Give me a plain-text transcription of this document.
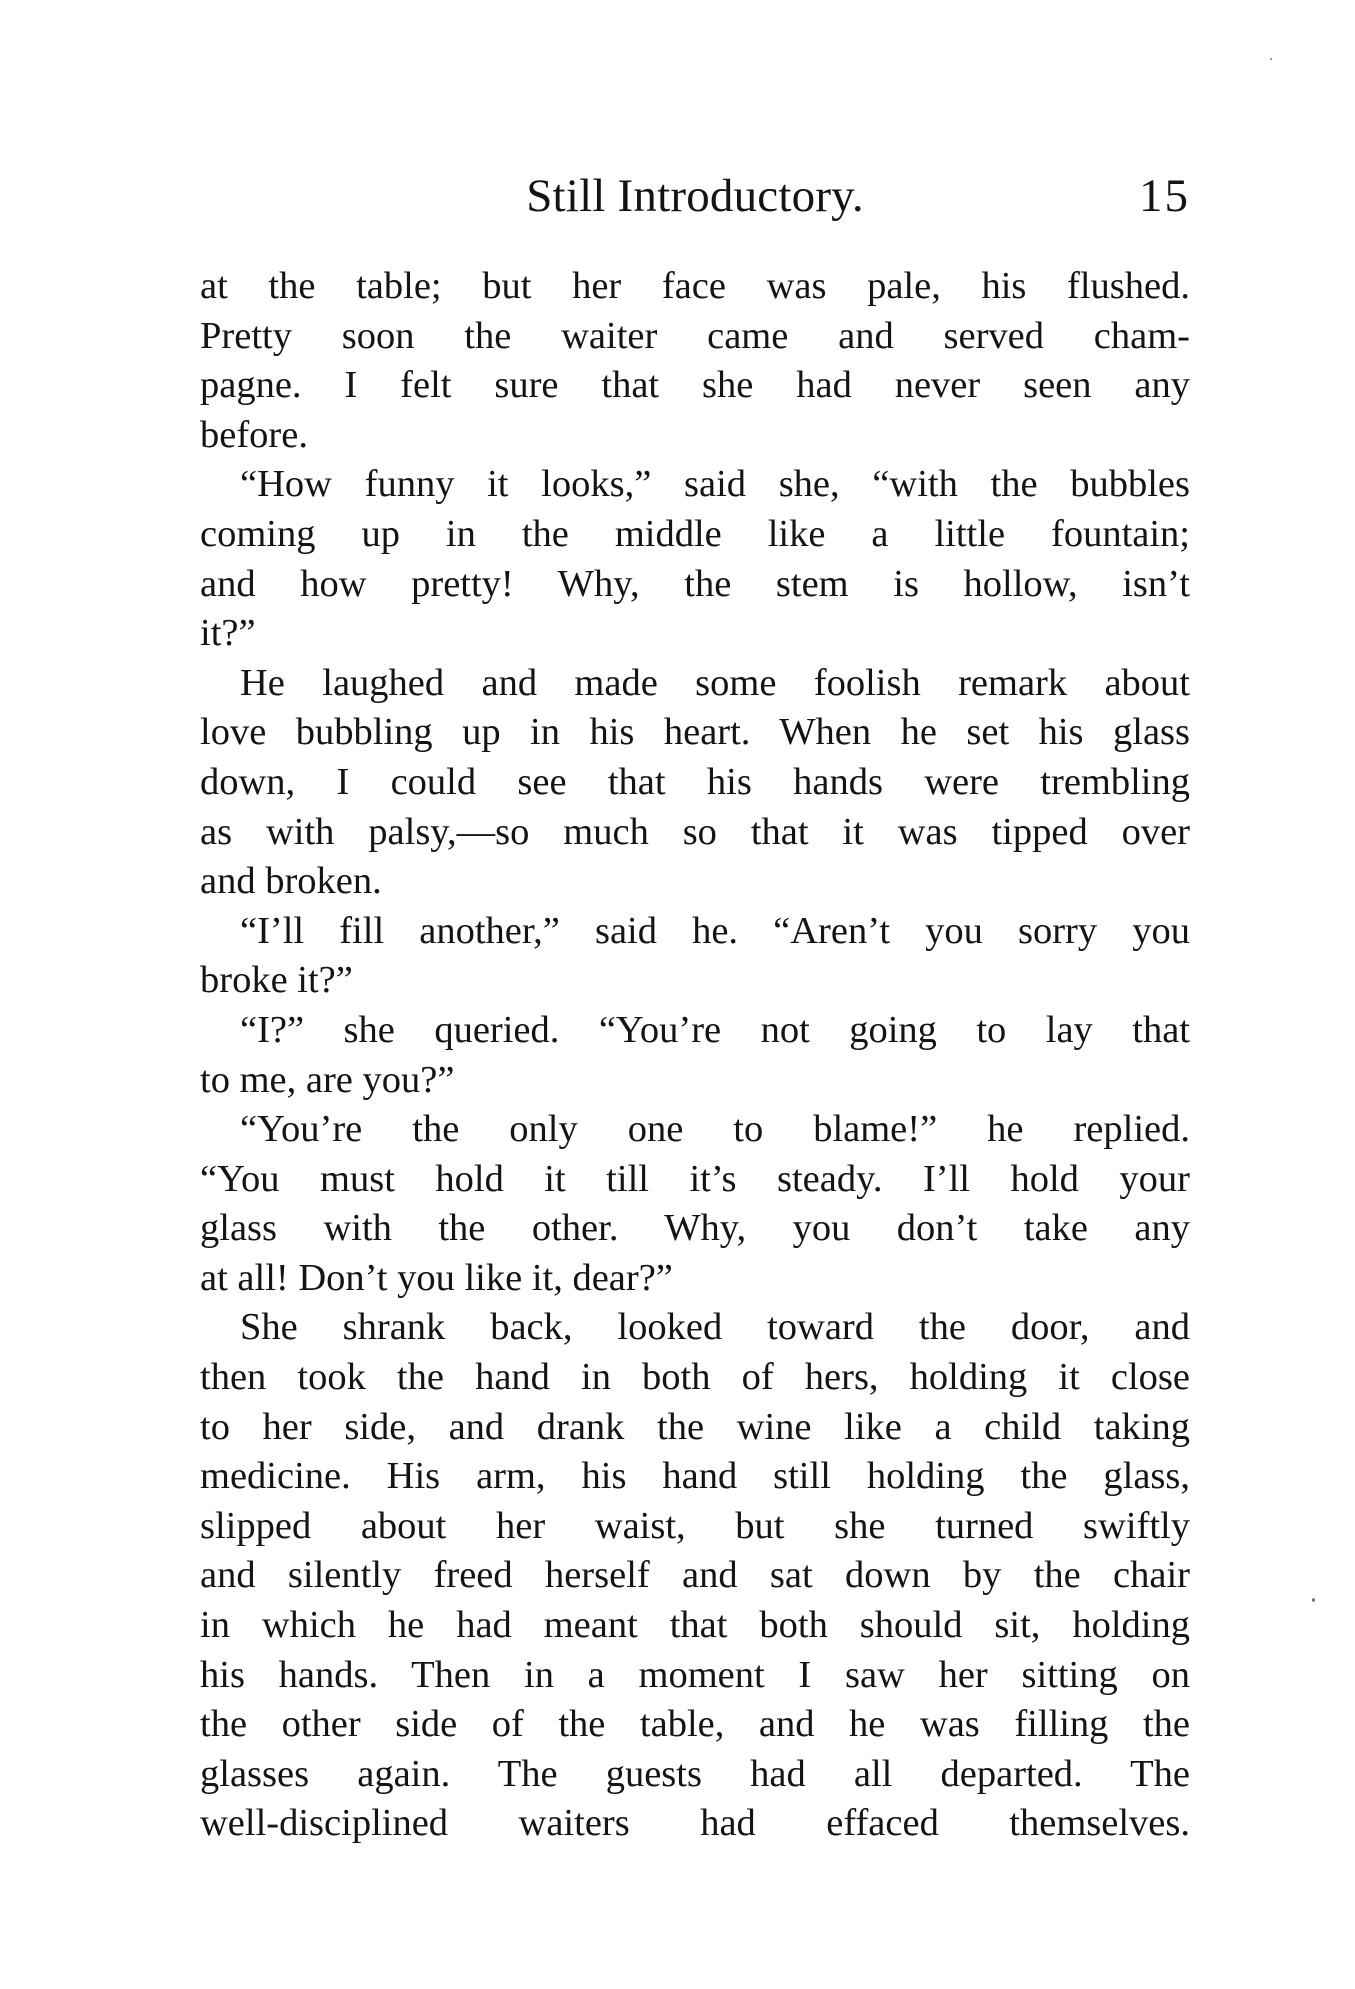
Still Introductory.	15
at the table; but her face was pale, his flushed.
Pretty soon the waiter came and served cham-
pagne. I felt sure that she had never seen any
before.
“How funny it looks,” said she, “with the bubbles
coming up in the middle like a little fountain;
and how pretty! Why, the stem is hollow, isn’t
it?”
He laughed and made some foolish remark about
love bubbling up in his heart. When he set his glass
down, I could see that his hands were trembling
as with palsy,—so much so that it was tipped over
and broken.
“I’ll fill another,” said he. “Aren’t you sorry you
broke it?”
“I?” she queried. “You’re not going to lay that
to me, are you?”
“You’re the only one to blame!” he replied.
“You must hold it till it’s steady. I’ll hold your
glass with the other. Why, you don’t take any
at all! Don’t you like it, dear?”
She shrank back, looked toward the door, and
then took the hand in both of hers, holding it close
to her side, and drank the wine like a child taking
medicine. His arm, his hand still holding the glass,
slipped about her waist, but she turned swiftly
and silently freed herself and sat down by the chair
in which he had meant that both should sit, holding
his hands. Then in a moment I saw her sitting on
the other side of the table, and he was filling the
glasses again. The guests had all departed. The
well-disciplined waiters had effaced themselves.
